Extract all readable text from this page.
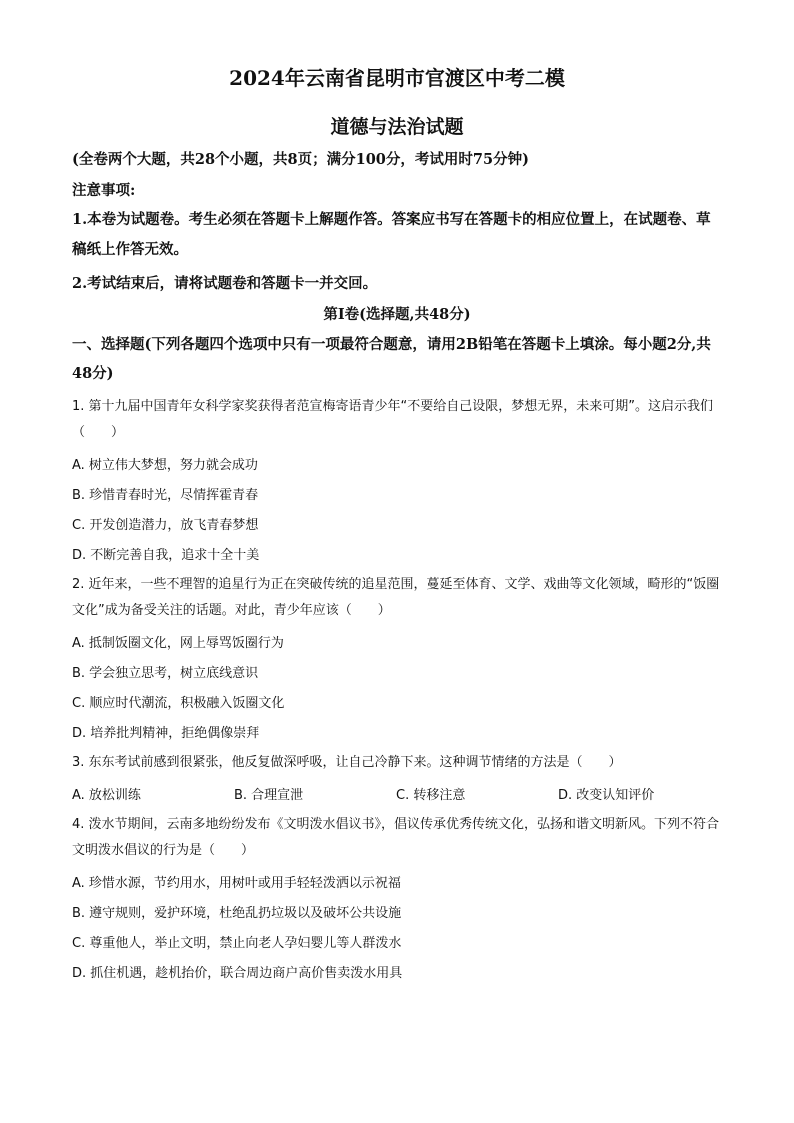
2024年云南省昆明市官渡区中考二模
道德与法治试题
(全卷两个大题，共28个小题，共8页；满分100分，考试用时75分钟)
注意事项:
1.本卷为试题卷。考生必须在答题卡上解题作答。答案应书写在答题卡的相应位置上，在试题卷、草稿纸上作答无效。
2.考试结束后，请将试题卷和答题卡一并交回。
第Ⅰ卷(选择题,共48分)
一、选择题(下列各题四个选项中只有一项最符合题意，请用2B铅笔在答题卡上填涂。每小题2分,共48分)
1. 第十九届中国青年女科学家奖获得者范宣梅寄语青少年“不要给自己设限，梦想无界，未来可期”。这启示我们（　　）
A. 树立伟大梦想，努力就会成功
B. 珍惜青春时光，尽情挥霍青春
C. 开发创造潜力，放飞青春梦想
D. 不断完善自我，追求十全十美
2. 近年来，一些不理智的追星行为正在突破传统的追星范围，蔓延至体育、文学、戏曲等文化领域，畸形的“饭圈文化”成为备受关注的话题。对此，青少年应该（　　）
A. 抵制饭圈文化，网上辱骂饭圈行为
B. 学会独立思考，树立底线意识
C. 顺应时代潮流，积极融入饭圈文化
D. 培养批判精神，拒绝偶像崇拜
3. 东东考试前感到很紧张，他反复做深呼吸，让自己冷静下来。这种调节情绪的方法是（　　）
A. 放松训练	B. 合理宣泄	C. 转移注意	D. 改变认知评价
4. 泼水节期间，云南多地纷纷发布《文明泼水倡议书》，倡议传承优秀传统文化，弘扬和谐文明新风。下列不符合文明泼水倡议的行为是（　　）
A. 珍惜水源，节约用水，用树叶或用手轻轻泼洒以示祝福
B. 遵守规则，爱护环境，杜绝乱扔垃圾以及破坏公共设施
C. 尊重他人，举止文明，禁止向老人孕妇婴儿等人群泼水
D. 抓住机遇，趁机抬价，联合周边商户高价售卖泼水用具
